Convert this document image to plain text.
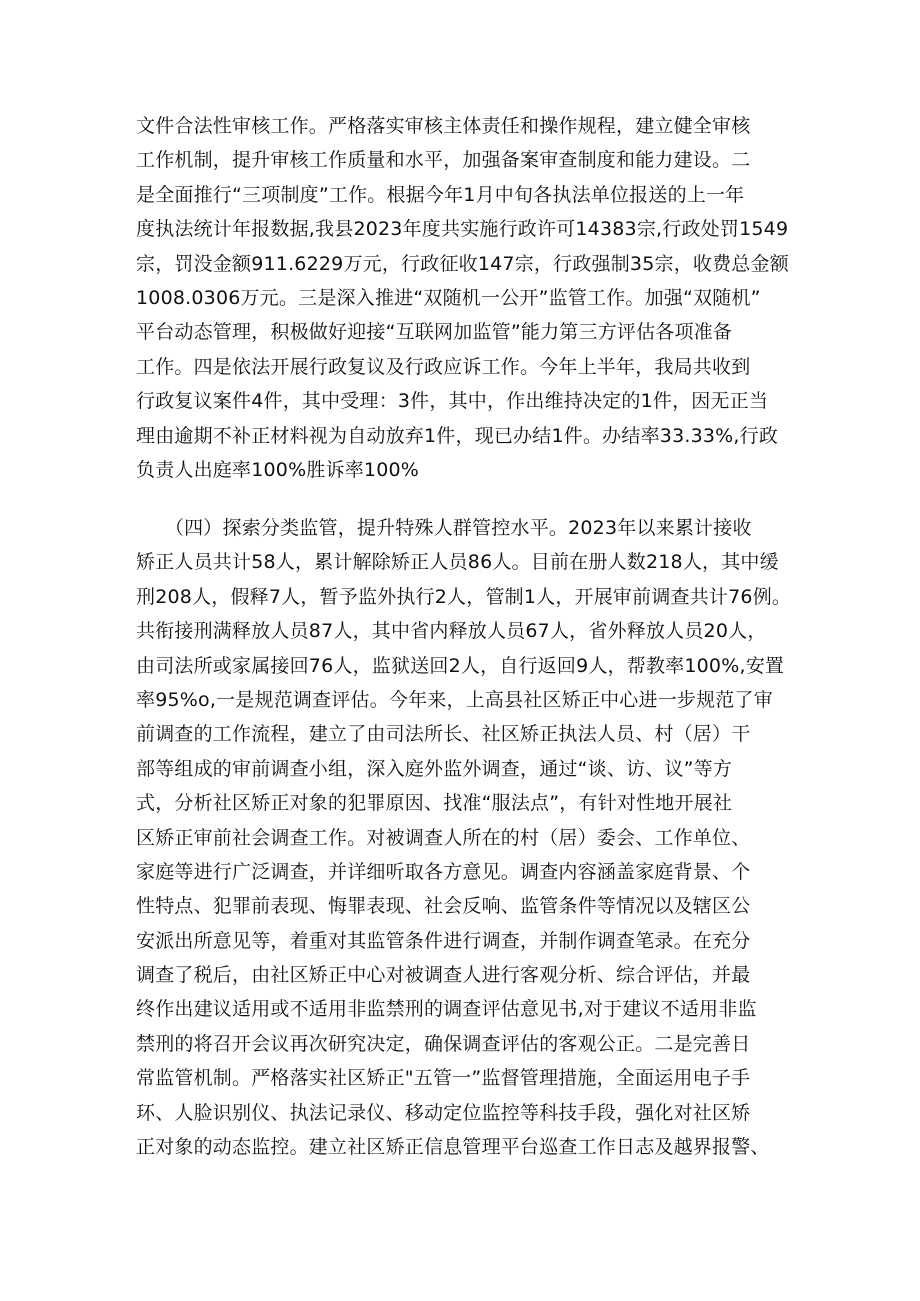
文件合法性审核工作。严格落实审核主体责任和操作规程，建立健全审核
工作机制，提升审核工作质量和水平，加强备案审查制度和能力建设。二
是全面推行“三项制度”工作。根据今年1月中旬各执法单位报送的上一年
度执法统计年报数据,我县2023年度共实施行政许可14383宗,行政处罚1549
宗，罚没金额911.6229万元，行政征收147宗，行政强制35宗，收费总金额
1008.0306万元。三是深入推进“双随机一公开”监管工作。加强“双随机”
平台动态管理，积极做好迎接“互联网加监管”能力第三方评估各项准备
工作。四是依法开展行政复议及行政应诉工作。今年上半年，我局共收到
行政复议案件4件，其中受理：3件，其中，作出维持决定的1件，因无正当
理由逾期不补正材料视为自动放弃1件，现已办结1件。办结率33.33%,行政
负责人出庭率100%胜诉率100%
　　（四）探索分类监管，提升特殊人群管控水平。2023年以来累计接收
矫正人员共计58人，累计解除矫正人员86人。目前在册人数218人，其中缓
刑208人，假释7人，暂予监外执行2人，管制1人，开展审前调查共计76例。
共衔接刑满释放人员87人，其中省内释放人员67人，省外释放人员20人，
由司法所或家属接回76人，监狱送回2人，自行返回9人，帮教率100%,安置
率95%o,一是规范调查评估。今年来，上高县社区矫正中心进一步规范了审
前调查的工作流程，建立了由司法所长、社区矫正执法人员、村（居）干
部等组成的审前调查小组，深入庭外监外调查，通过“谈、访、议”等方
式，分析社区矫正对象的犯罪原因、找准“服法点”，有针对性地开展社
区矫正审前社会调查工作。对被调查人所在的村（居）委会、工作单位、
家庭等进行广泛调查，并详细听取各方意见。调查内容涵盖家庭背景、个
性特点、犯罪前表现、悔罪表现、社会反响、监管条件等情况以及辖区公
安派出所意见等，着重对其监管条件进行调查，并制作调查笔录。在充分
调查了税后，由社区矫正中心对被调查人进行客观分析、综合评估，并最
终作出建议适用或不适用非监禁刑的调查评估意见书,对于建议不适用非监
禁刑的将召开会议再次研究决定，确保调查评估的客观公正。二是完善日
常监管机制。严格落实社区矫正"五管一”监督管理措施，全面运用电子手
环、人脸识别仪、执法记录仪、移动定位监控等科技手段，强化对社区矫
正对象的动态监控。建立社区矫正信息管理平台巡查工作日志及越界报警、
